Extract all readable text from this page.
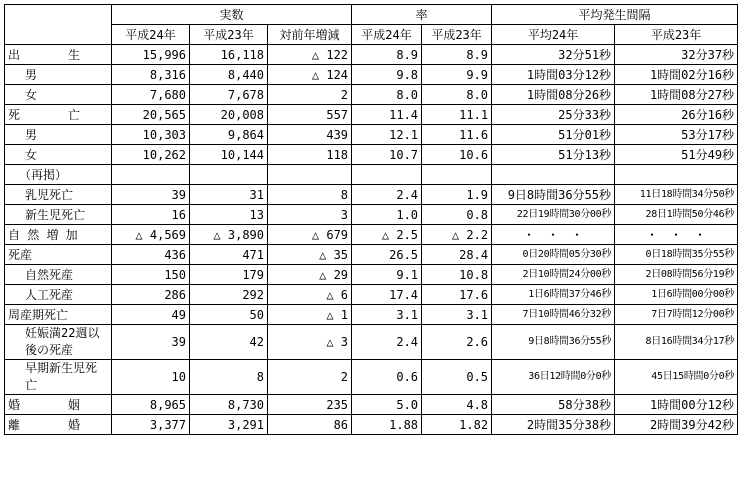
	実数			率		平均発生間隔	
	平成24年	平成23年	対前年増減	平成24年	平成23年	平均24年	平成23年
出　　　　生	15,996	16,118	△ 122	8.9	8.9	32分51秒	32分37秒
男	8,316	8,440	△ 124	9.8	9.9	1時間03分12秒	1時間02分16秒
女	7,680	7,678	2	8.0	8.0	1時間08分26秒	1時間08分27秒
死　　　　亡	20,565	20,008	557	11.4	11.1	25分33秒	26分16秒
男	10,303	9,864	439	12.1	11.6	51分01秒	53分17秒
女	10,262	10,144	118	10.7	10.6	51分13秒	51分49秒
（再掲）							
乳児死亡	39	31	8	2.4	1.9	9日8時間36分55秒	11日18時間34分50秒
新生児死亡	16	13	3	1.0	0.8	22日19時間30分00秒	28日1時間50分46秒
自 然 増 加	△ 4,569	△ 3,890	△ 679	△ 2.5	△ 2.2	・　・　・	・　・　・
死産	436	471	△ 35	26.5	28.4	0日20時間05分30秒	0日18時間35分55秒
自然死産	150	179	△ 29	9.1	10.8	2日10時間24分00秒	2日08時間56分19秒
人工死産	286	292	△ 6	17.4	17.6	1日6時間37分46秒	1日6時間00分00秒
周産期死亡	49	50	△ 1	3.1	3.1	7日10時間46分32秒	7日7時間12分00秒
妊娠満22週以後の死産	39	42	△ 3	2.4	2.6	9日8時間36分55秒	8日16時間34分17秒
早期新生児死亡	10	8	2	0.6	0.5	36日12時間0分0秒	45日15時間0分0秒
婚　　　　姻	8,965	8,730	235	5.0	4.8	58分38秒	1時間00分12秒
離　　　　婚	3,377	3,291	86	1.88	1.82	2時間35分38秒	2時間39分42秒
